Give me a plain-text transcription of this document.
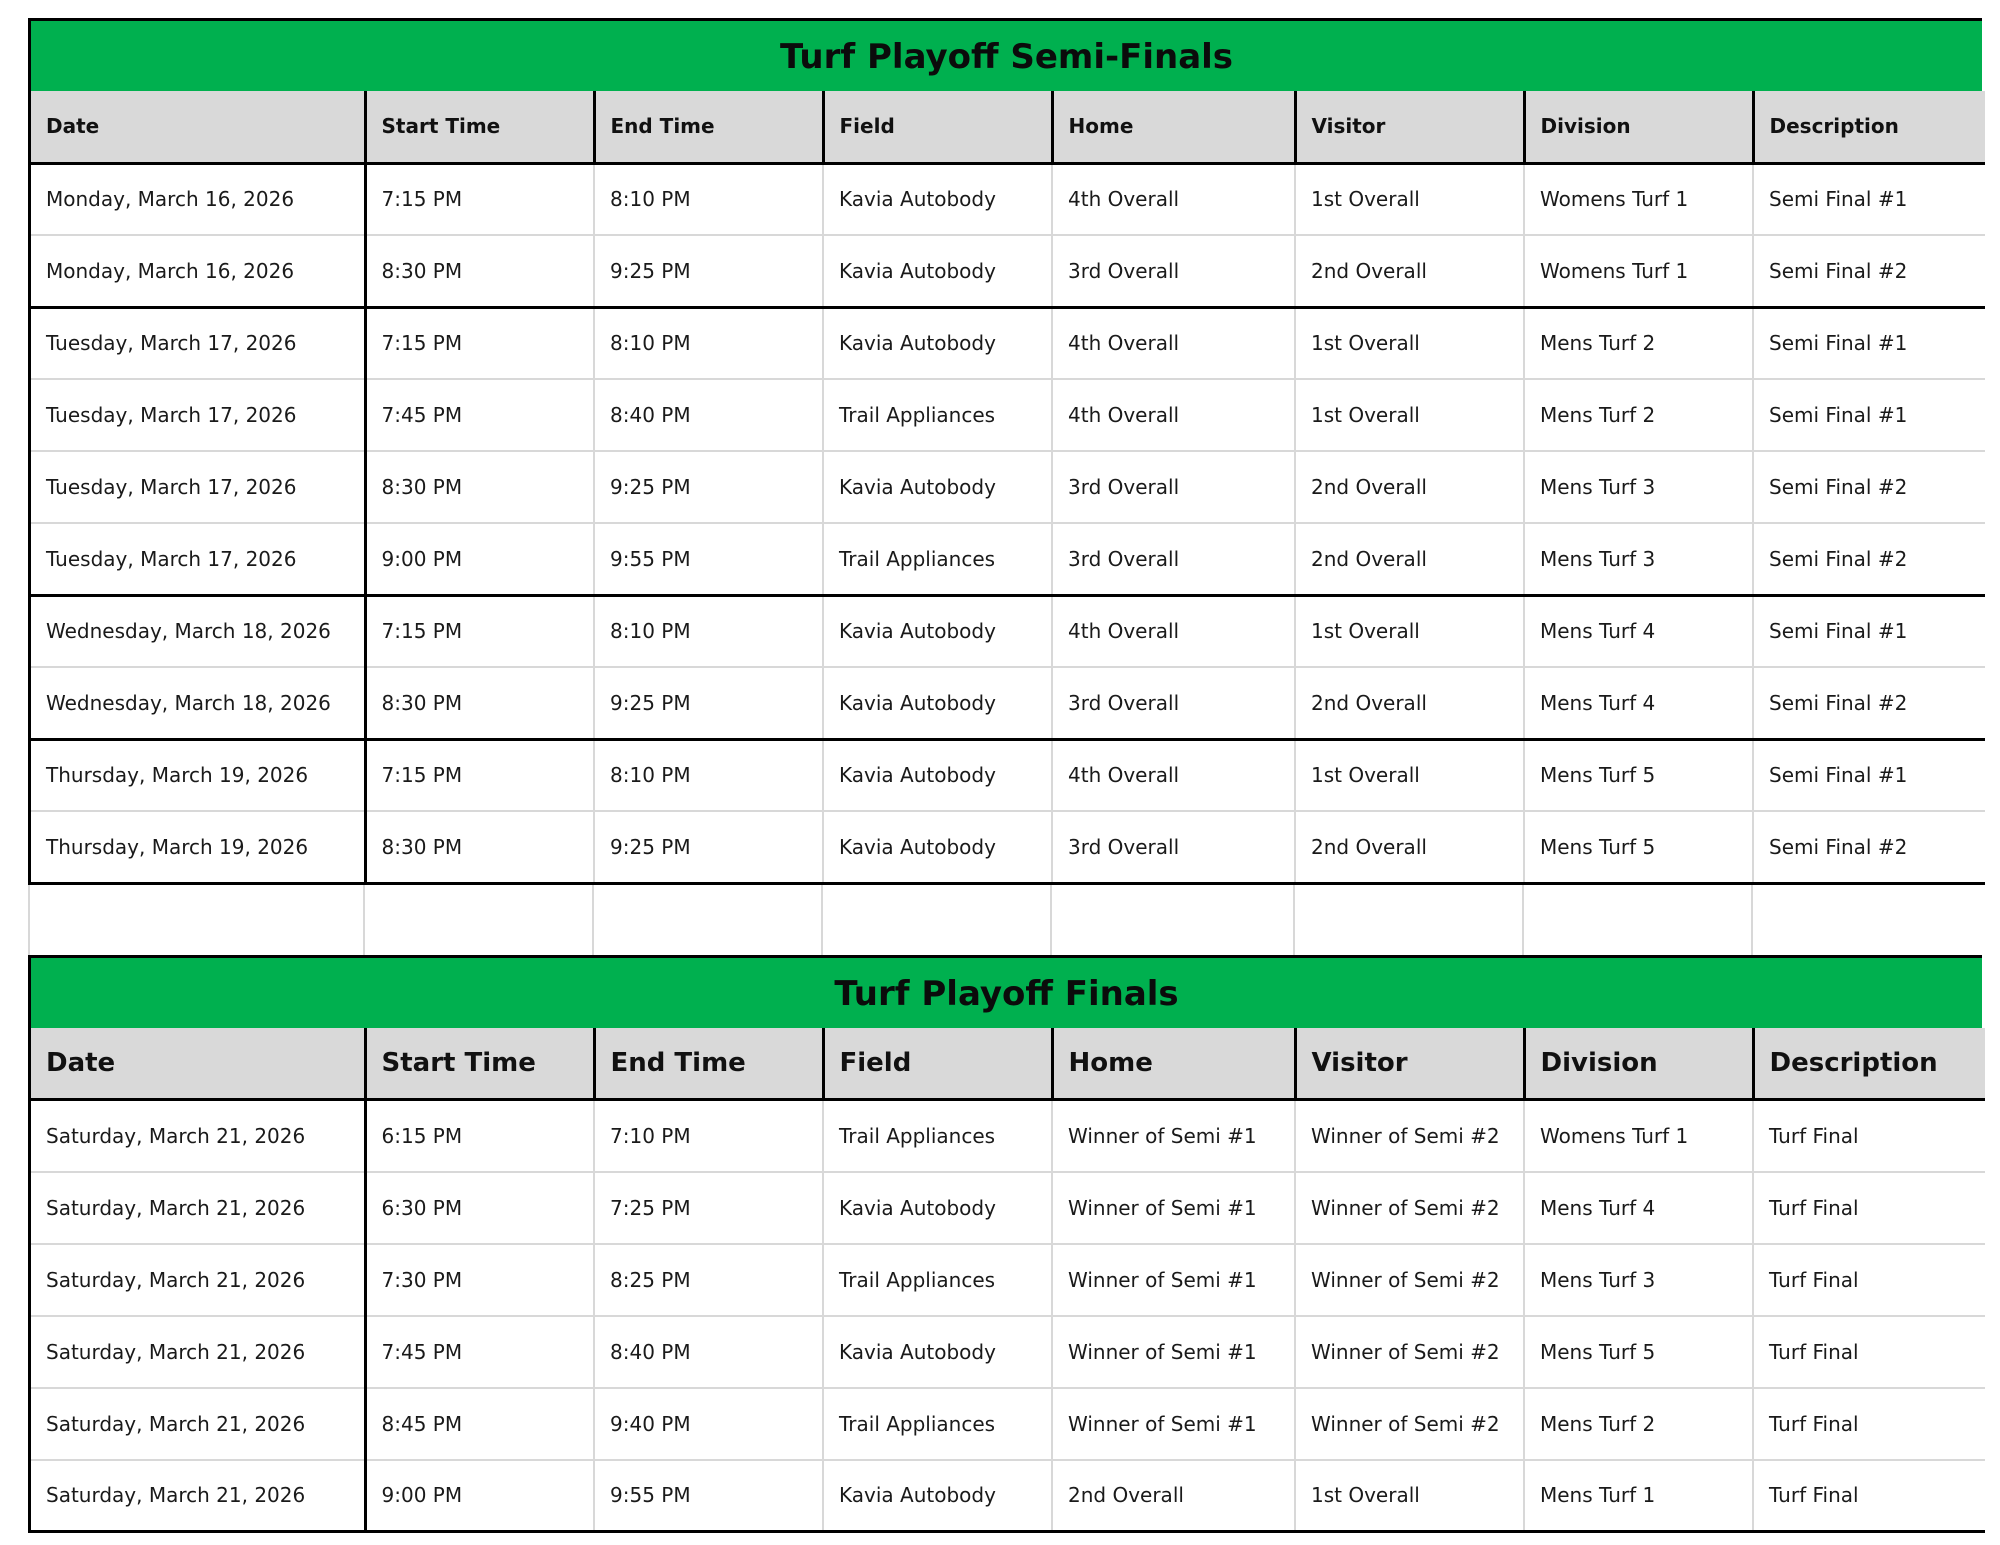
Turf Playoff Semi-Finals
Date	Start Time	End Time	Field	Home	Visitor	Division	Description
Monday, March 16, 2026	7:15 PM	8:10 PM	Kavia Autobody	4th Overall	1st Overall	Womens Turf 1	Semi Final #1
Monday, March 16, 2026	8:30 PM	9:25 PM	Kavia Autobody	3rd Overall	2nd Overall	Womens Turf 1	Semi Final #2
Tuesday, March 17, 2026	7:15 PM	8:10 PM	Kavia Autobody	4th Overall	1st Overall	Mens Turf 2	Semi Final #1
Tuesday, March 17, 2026	7:45 PM	8:40 PM	Trail Appliances	4th Overall	1st Overall	Mens Turf 2	Semi Final #1
Tuesday, March 17, 2026	8:30 PM	9:25 PM	Kavia Autobody	3rd Overall	2nd Overall	Mens Turf 3	Semi Final #2
Tuesday, March 17, 2026	9:00 PM	9:55 PM	Trail Appliances	3rd Overall	2nd Overall	Mens Turf 3	Semi Final #2
Wednesday, March 18, 2026	7:15 PM	8:10 PM	Kavia Autobody	4th Overall	1st Overall	Mens Turf 4	Semi Final #1
Wednesday, March 18, 2026	8:30 PM	9:25 PM	Kavia Autobody	3rd Overall	2nd Overall	Mens Turf 4	Semi Final #2
Thursday, March 19, 2026	7:15 PM	8:10 PM	Kavia Autobody	4th Overall	1st Overall	Mens Turf 5	Semi Final #1
Thursday, March 19, 2026	8:30 PM	9:25 PM	Kavia Autobody	3rd Overall	2nd Overall	Mens Turf 5	Semi Final #2

Turf Playoff Finals
Date	Start Time	End Time	Field	Home	Visitor	Division	Description
Saturday, March 21, 2026	6:15 PM	7:10 PM	Trail Appliances	Winner of Semi #1	Winner of Semi #2	Womens Turf 1	Turf Final
Saturday, March 21, 2026	6:30 PM	7:25 PM	Kavia Autobody	Winner of Semi #1	Winner of Semi #2	Mens Turf 4	Turf Final
Saturday, March 21, 2026	7:30 PM	8:25 PM	Trail Appliances	Winner of Semi #1	Winner of Semi #2	Mens Turf 3	Turf Final
Saturday, March 21, 2026	7:45 PM	8:40 PM	Kavia Autobody	Winner of Semi #1	Winner of Semi #2	Mens Turf 5	Turf Final
Saturday, March 21, 2026	8:45 PM	9:40 PM	Trail Appliances	Winner of Semi #1	Winner of Semi #2	Mens Turf 2	Turf Final
Saturday, March 21, 2026	9:00 PM	9:55 PM	Kavia Autobody	2nd Overall	1st Overall	Mens Turf 1	Turf Final
